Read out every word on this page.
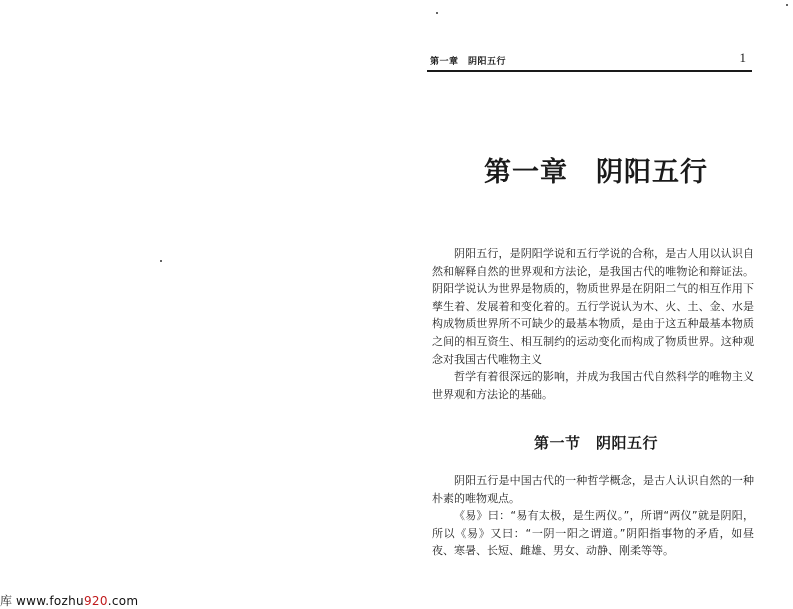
第一章　阴阳五行	1
第一章　阴阳五行

阴阳五行，是阴阳学说和五行学说的合称，是古人用以认识自然和解释自然的世界观和方法论，是我国古代的唯物论和辩证法。阴阳学说认为世界是物质的，物质世界是在阴阳二气的相互作用下孳生着、发展着和变化着的。五行学说认为木、火、土、金、水是构成物质世界所不可缺少的最基本物质，是由于这五种最基本物质之间的相互资生、相互制约的运动变化而构成了物质世界。这种观念对我国古代唯物主义

哲学有着很深远的影响，并成为我国古代自然科学的唯物主义世界观和方法论的基础。

第一节　阴阳五行

阴阳五行是中国古代的一种哲学概念，是古人认识自然的一种朴素的唯物观点。

《易》曰：“易有太极，是生两仪。”，所谓“两仪”就是阴阳，所以《易》又曰：“一阴一阳之谓道。”阴阳指事物的矛盾，如昼夜、寒暑、长短、雌雄、男女、动静、刚柔等等。

库 www.fozhu920.com
